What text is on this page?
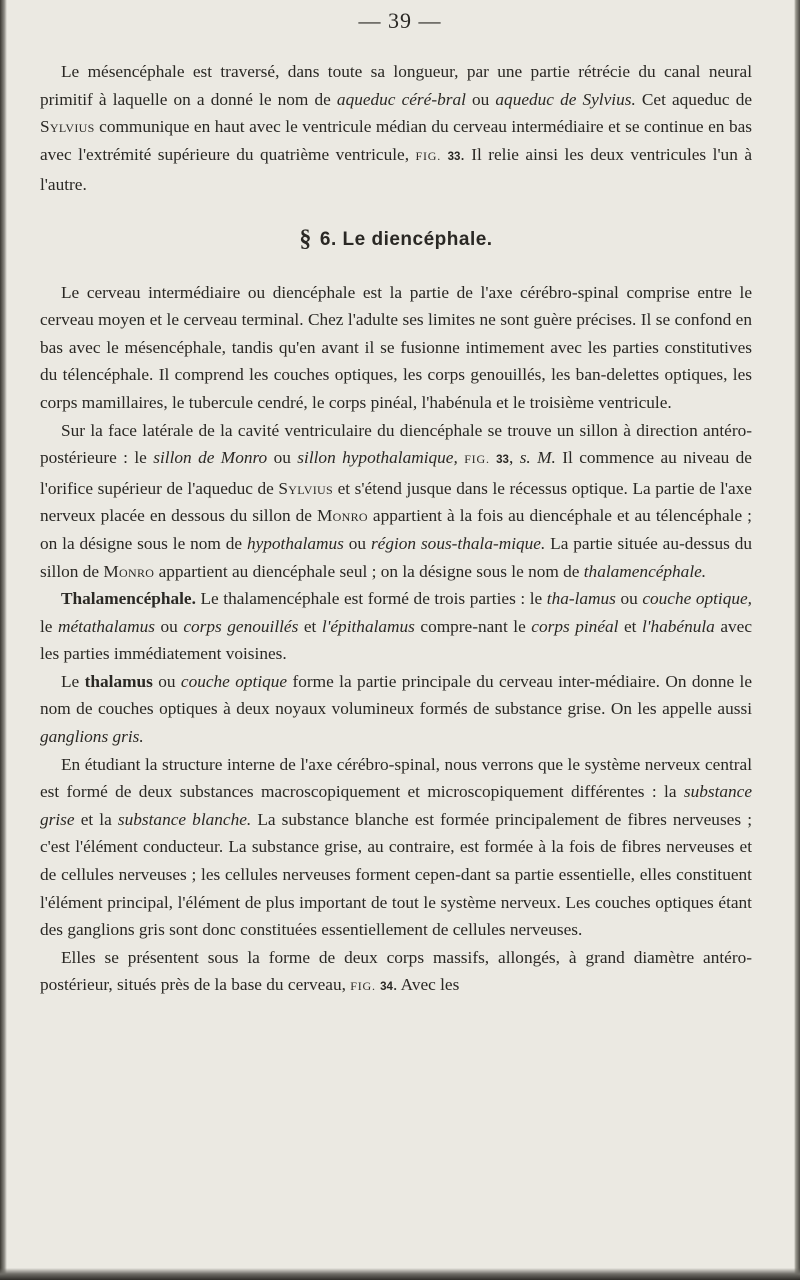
— 39 —

Le mésencéphale est traversé, dans toute sa longueur, par une partie rétrécie du canal neural primitif à laquelle on a donné le nom de aqueduc céré-bral ou aqueduc de Sylvius. Cet aqueduc de Sylvius communique en haut avec le ventricule médian du cerveau intermédiaire et se continue en bas avec l'extrémité supérieure du quatrième ventricule, FIG. 33. Il relie ainsi les deux ventricules l'un à l'autre.

§ 6. Le diencéphale.

Le cerveau intermédiaire ou diencéphale est la partie de l'axe cérébro-spinal comprise entre le cerveau moyen et le cerveau terminal. Chez l'adulte ses limites ne sont guère précises. Il se confond en bas avec le mésencéphale, tandis qu'en avant il se fusionne intimement avec les parties constitutives du télencéphale. Il comprend les couches optiques, les corps genouillés, les ban-delettes optiques, les corps mamillaires, le tubercule cendré, le corps pinéal, l'habénula et le troisième ventricule.

Sur la face latérale de la cavité ventriculaire du diencéphale se trouve un sillon à direction antéro-postérieure : le sillon de Monro ou sillon hypothalamique, FIG. 33, s. M. Il commence au niveau de l'orifice supérieur de l'aqueduc de Sylvius et s'étend jusque dans le récessus optique. La partie de l'axe nerveux placée en dessous du sillon de Monro appartient à la fois au diencéphale et au télencéphale ; on la désigne sous le nom de hypothalamus ou région sous-thala-mique. La partie située au-dessus du sillon de Monro appartient au diencéphale seul ; on la désigne sous le nom de thalamencéphale.

Thalamencéphale. Le thalamencéphale est formé de trois parties : le tha-lamus ou couche optique, le métathalamus ou corps genouillés et l'épithalamus compre-nant le corps pinéal et l'habénula avec les parties immédiatement voisines.

Le thalamus ou couche optique forme la partie principale du cerveau inter-médiaire. On donne le nom de couches optiques à deux noyaux volumineux formés de substance grise. On les appelle aussi ganglions gris.

En étudiant la structure interne de l'axe cérébro-spinal, nous verrons que le système nerveux central est formé de deux substances macroscopiquement et microscopiquement différentes : la substance grise et la substance blanche. La substance blanche est formée principalement de fibres nerveuses ; c'est l'élément conducteur. La substance grise, au contraire, est formée à la fois de fibres nerveuses et de cellules nerveuses ; les cellules nerveuses forment cepen-dant sa partie essentielle, elles constituent l'élément principal, l'élément de plus important de tout le système nerveux. Les couches optiques étant des ganglions gris sont donc constituées essentiellement de cellules nerveuses.

Elles se présentent sous la forme de deux corps massifs, allongés, à grand diamètre antéro-postérieur, situés près de la base du cerveau, FIG. 34. Avec les
